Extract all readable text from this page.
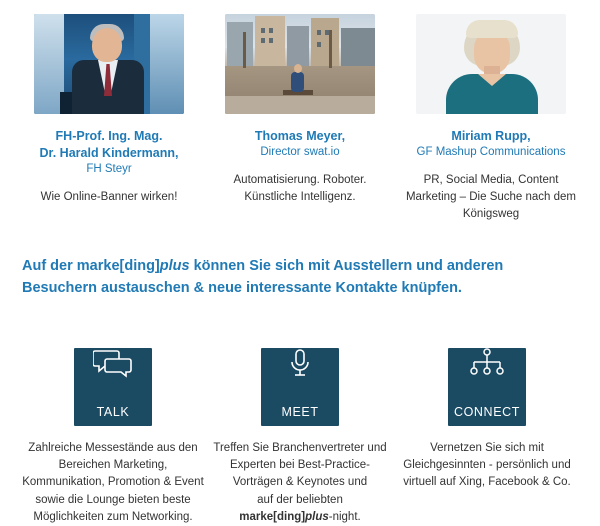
FH-Prof. Ing. Mag.
Dr. Harald Kindermann,
FH Steyr
Wie Online-Banner wirken!
Thomas Meyer,
Director swat.io
Automatisierung. Roboter. Künstliche Intelligenz.
Miriam Rupp,
GF Mashup Communications
PR, Social Media, Content Marketing – Die Suche nach dem Königsweg
Auf der marke[ding]plus können Sie sich mit Ausstellern und anderen Besuchern austauschen & neue interessante Kontakte knüpfen.
TALK
Zahlreiche Messestände aus den Bereichen Marketing, Kommunikation, Promotion & Event sowie die Lounge bieten beste Möglichkeiten zum Networking.
MEET
Treffen Sie Branchenvertreter und Experten bei Best-Practice-Vorträgen & Keynotes und
auf der beliebten
marke[ding]plus-night.
CONNECT
Vernetzen Sie sich mit Gleichgesinnten - persönlich und virtuell auf Xing, Facebook & Co.
